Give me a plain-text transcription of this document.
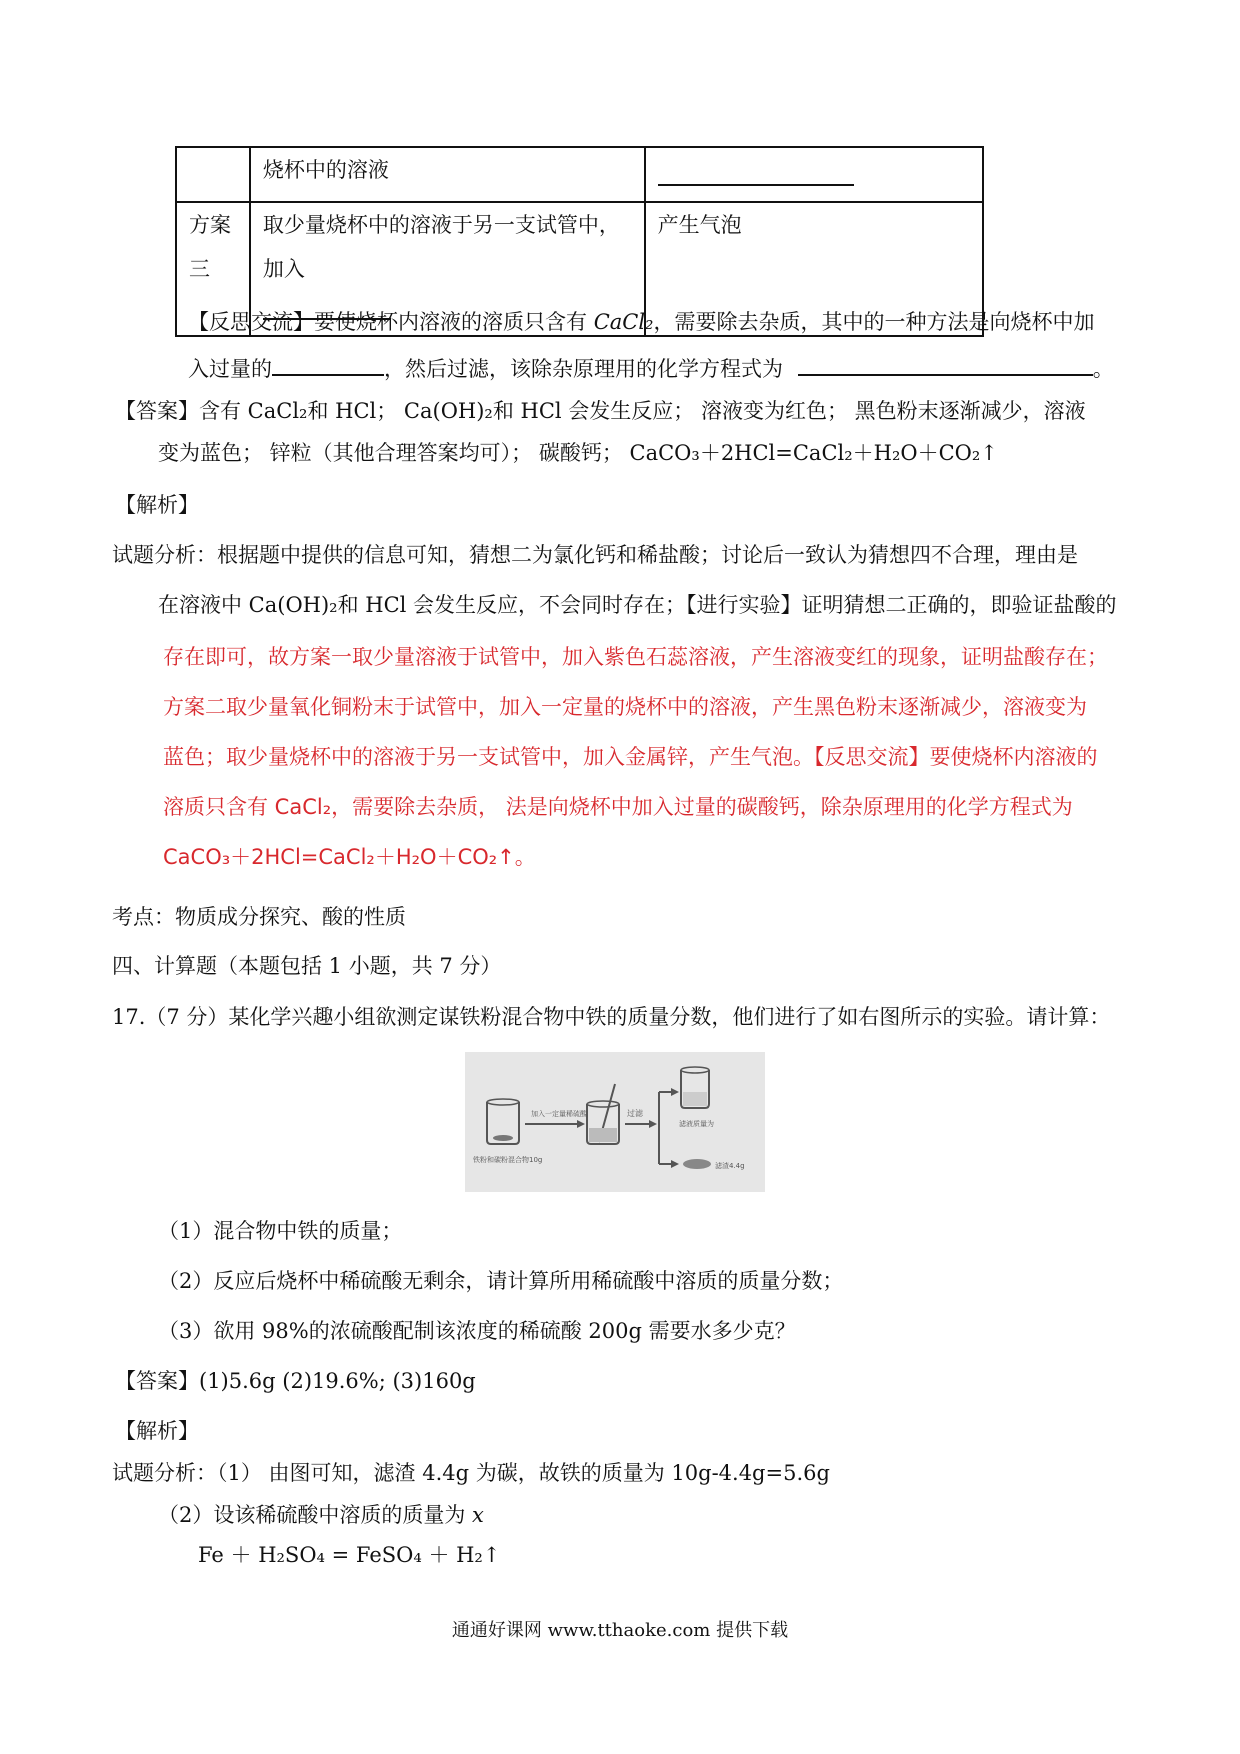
	烧杯中的溶液	
方案三	取少量烧杯中的溶液于另一支试管中，加入	产生气泡
【反思交流】要使烧杯内溶液的溶质只含有 CaCl₂，需要除去杂质，其中的一种方法是向烧杯中加
入过量的	，然后过滤，该除杂原理用的化学方程式为	。
【答案】含有 CaCl₂和 HCl； Ca(OH)₂和 HCl 会发生反应； 溶液变为红色； 黑色粉末逐渐减少，溶液
变为蓝色； 锌粒（其他合理答案均可）； 碳酸钙； CaCO₃＋2HCl=CaCl₂＋H₂O＋CO₂↑
【解析】
试题分析：根据题中提供的信息可知，猜想二为氯化钙和稀盐酸；讨论后一致认为猜想四不合理，理由是
在溶液中 Ca(OH)₂和 HCl 会发生反应，不会同时存在；【进行实验】证明猜想二正确的，即验证盐酸的
存在即可，故方案一取少量溶液于试管中，加入紫色石蕊溶液，产生溶液变红的现象，证明盐酸存在；
方案二取少量氧化铜粉末于试管中，加入一定量的烧杯中的溶液，产生黑色粉末逐渐减少，溶液变为
蓝色；取少量烧杯中的溶液于另一支试管中，加入金属锌，产生气泡。【反思交流】要使烧杯内溶液的
溶质只含有 CaCl₂，需要除去杂质， 法是向烧杯中加入过量的碳酸钙，除杂原理用的化学方程式为
CaCO₃＋2HCl=CaCl₂＋H₂O＋CO₂↑。
考点：物质成分探究、酸的性质
四、计算题（本题包括 1 小题，共 7 分）
17.（7 分）某化学兴趣小组欲测定谋铁粉混合物中铁的质量分数，他们进行了如右图所示的实验。请计算：
铁粉和碳粉混合物10g
加入一定量稀硫酸	过滤
滤液质量为
滤渣4.4g
（1）混合物中铁的质量；
（2）反应后烧杯中稀硫酸无剩余，请计算所用稀硫酸中溶质的质量分数；
（3）欲用 98%的浓硫酸配制该浓度的稀硫酸 200g 需要水多少克？
【答案】(1)5.6g (2)19.6%; (3)160g
【解析】
试题分析：（1） 由图可知，滤渣 4.4g 为碳，故铁的质量为 10g-4.4g=5.6g
（2）设该稀硫酸中溶质的质量为 x
Fe ＋ H₂SO₄ = FeSO₄ ＋ H₂↑
通通好课网 www.tthaoke.com 提供下载
